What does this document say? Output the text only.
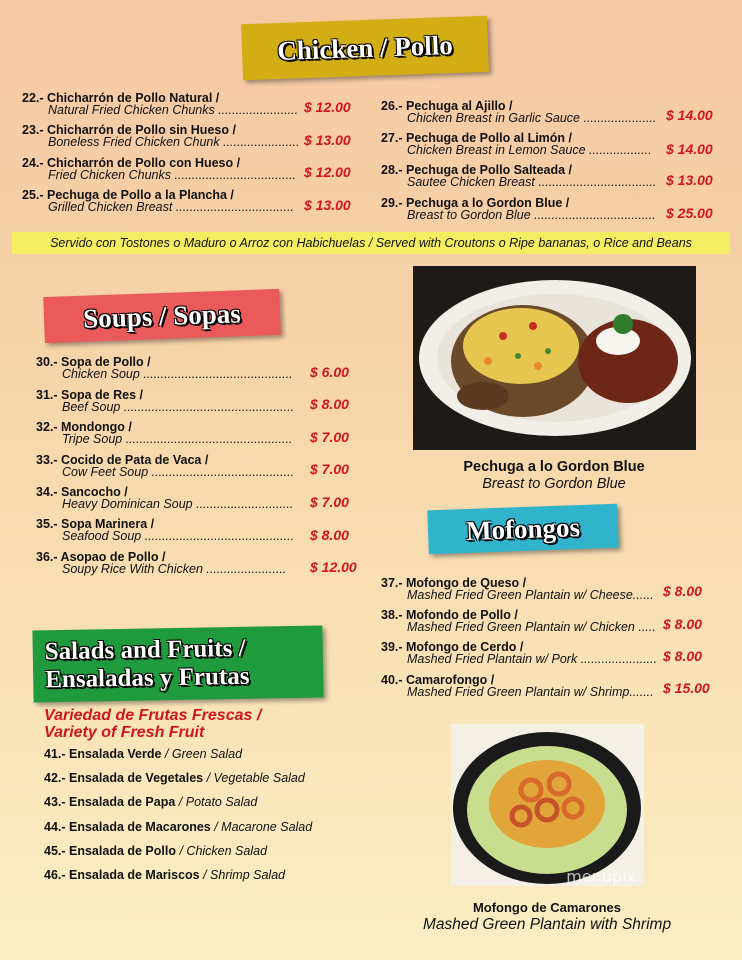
Chicken / Pollo
Soups / Sopas
Mofongos
Salads and Fruits /
Ensaladas y Frutas
22.- Chicharrón de Pollo Natural /
Natural Fried Chicken Chunks ....................... $ 12.00
23.- Chicharrón de Pollo sin Hueso /
Boneless Fried Chicken Chunk ...................... $ 13.00
24.- Chicharrón de Pollo con Hueso /
Fried Chicken Chunks ................................... $ 12.00
25.- Pechuga de Pollo a la Plancha /
Grilled Chicken Breast .................................. $ 13.00
26.- Pechuga al Ajillo /
Chicken Breast in Garlic Sauce ..................... $ 14.00
27.- Pechuga de Pollo al Limón /
Chicken Breast in Lemon Sauce .................. $ 14.00
28.- Pechuga de Pollo Salteada /
Sautee Chicken Breast .................................. $ 13.00
29.- Pechuga a lo Gordon Blue /
Breast to Gordon Blue ................................... $ 25.00
Servido con Tostones o Maduro o Arroz con Habichuelas / Served with Croutons o Ripe bananas, o Rice and Beans
30.- Sopa de Pollo /
Chicken Soup ........................................... $ 6.00
31.- Sopa de Res /
Beef Soup ................................................. $ 8.00
32.- Mondongo /
Tripe Soup ................................................ $ 7.00
33.- Cocido de Pata de Vaca /
Cow Feet Soup ......................................... $ 7.00
34.- Sancocho /
Heavy Dominican Soup ............................ $ 7.00
35.- Sopa Marinera /
Seafood Soup ........................................... $ 8.00
36.- Asopao de Pollo /
Soupy Rice With Chicken ....................... $ 12.00
Pechuga a lo Gordon Blue
Breast to Gordon Blue
37.- Mofongo de Queso /
Mashed Fried Green Plantain w/ Cheese...... $ 8.00
38.- Mofondo de Pollo /
Mashed Fried Green Plantain w/ Chicken ..... $ 8.00
39.- Mofongo de Cerdo /
Mashed Fried Plantain w/ Pork ...................... $ 8.00
40.- Camarofongo /
Mashed Fried Green Plantain w/ Shrimp....... $ 15.00
Variedad de Frutas Frescas /
Variety of Fresh Fruit
41.- Ensalada Verde / Green Salad
42.- Ensalada de Vegetales / Vegetable Salad
43.- Ensalada de Papa / Potato Salad
44.- Ensalada de Macarones / Macarone Salad
45.- Ensalada de Pollo / Chicken Salad
46.- Ensalada de Mariscos / Shrimp Salad	menupix
Mofongo de Camarones
Mashed Green Plantain with Shrimp
